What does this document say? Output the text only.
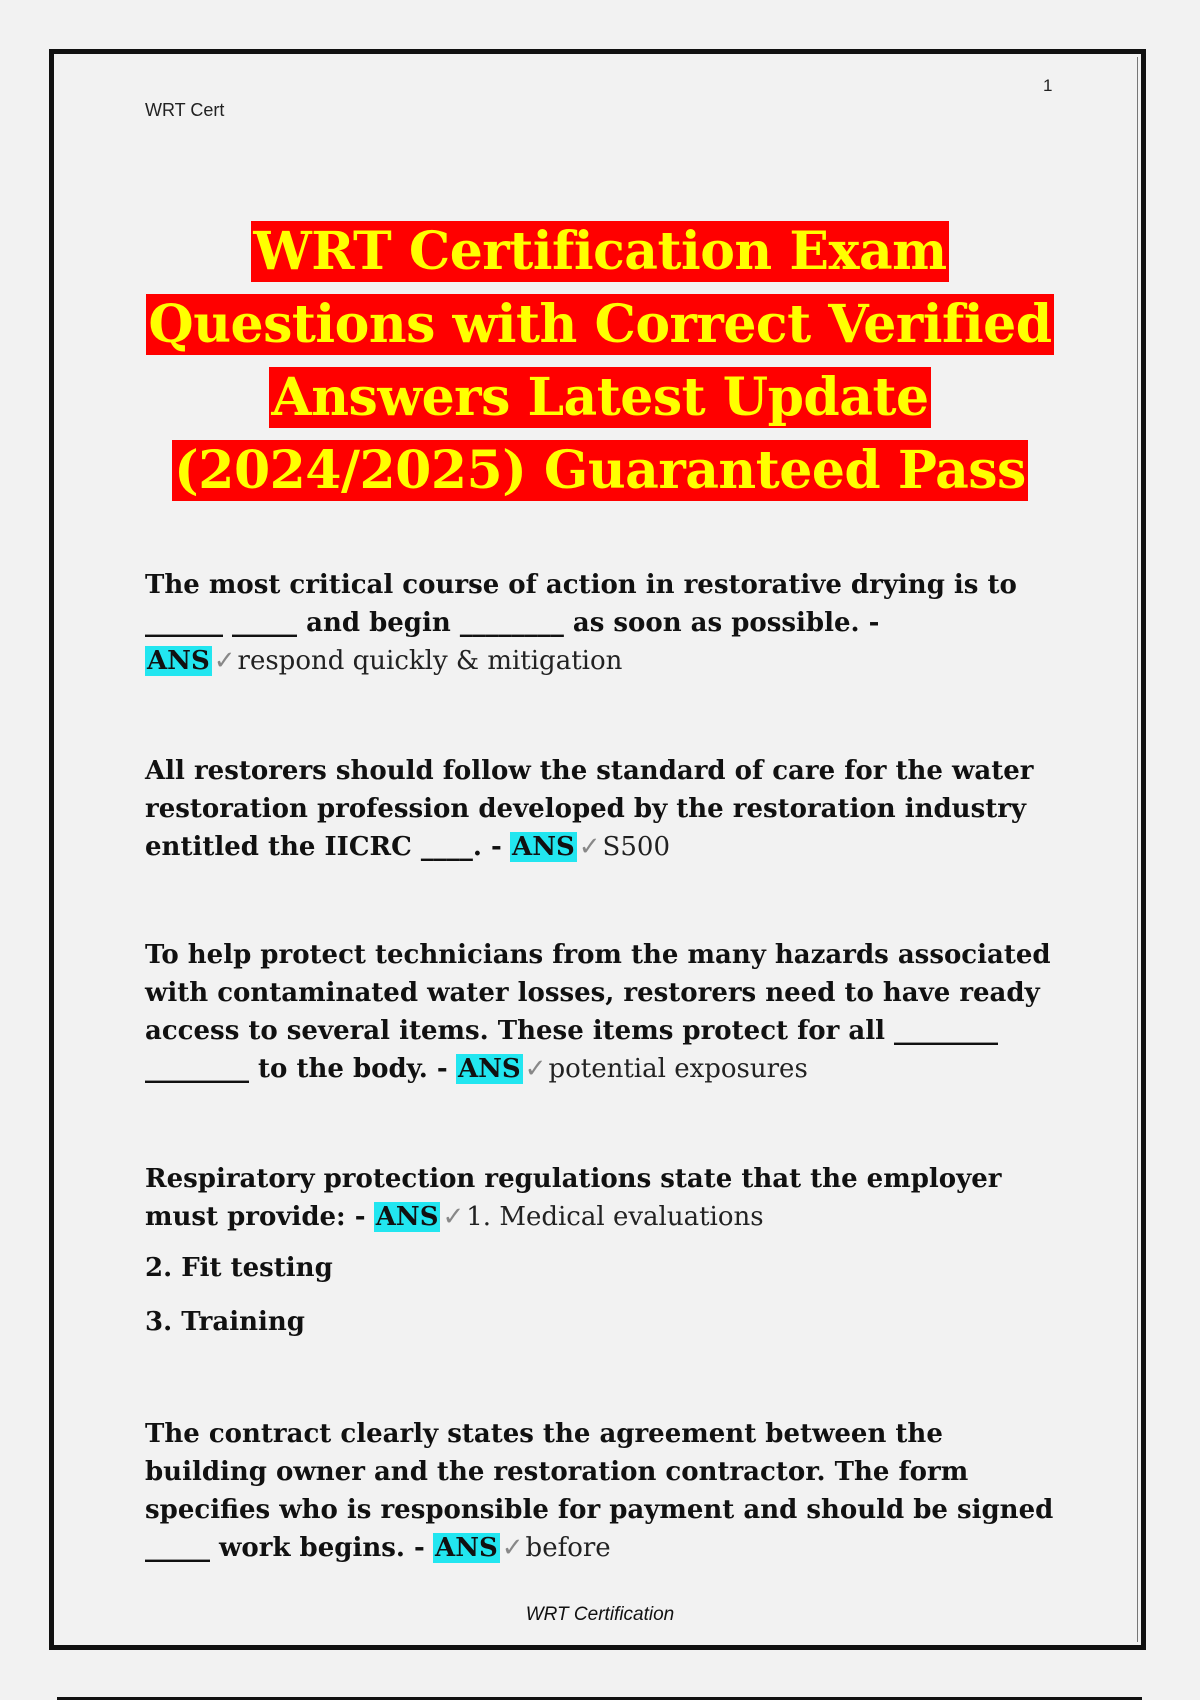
WRT Cert
1
WRT Certification Exam
Questions with Correct Verified
Answers Latest Update
(2024/2025) Guaranteed Pass
The most critical course of action in restorative drying is to ______ _____ and begin ________ as soon as possible. - ANS ✓respond quickly & mitigation
All restorers should follow the standard of care for the water restoration profession developed by the restoration industry entitled the IICRC ____. - ANS ✓S500
To help protect technicians from the many hazards associated with contaminated water losses, restorers need to have ready access to several items. These items protect for all ________ ________ to the body. - ANS ✓potential exposures
Respiratory protection regulations state that the employer must provide: - ANS ✓1. Medical evaluations
2. Fit testing
3. Training
The contract clearly states the agreement between the building owner and the restoration contractor. The form specifies who is responsible for payment and should be signed _____ work begins. - ANS ✓before
WRT Certification
